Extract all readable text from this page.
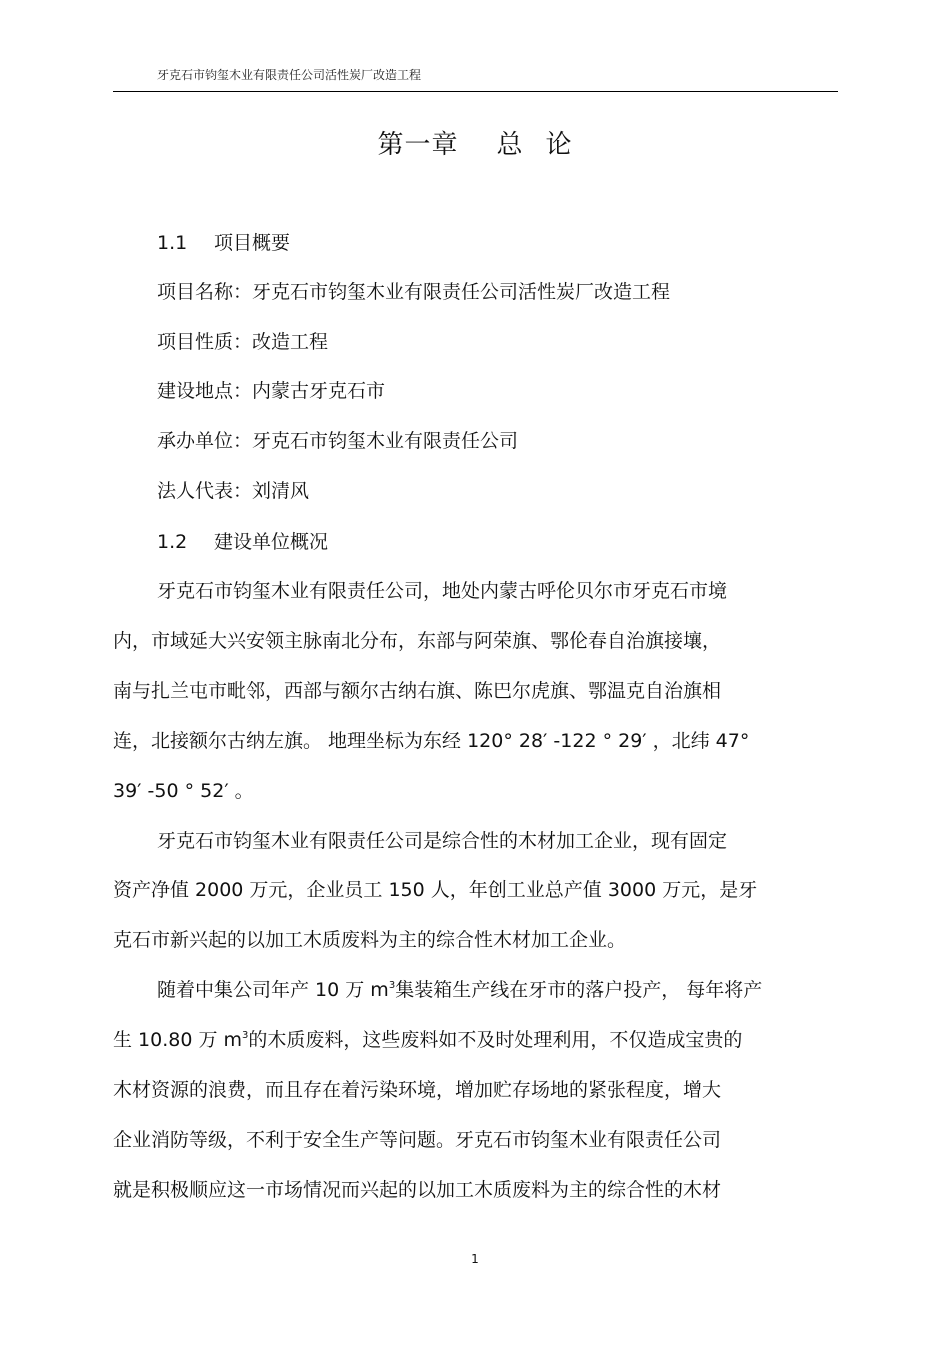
牙克石市钧玺木业有限责任公司活性炭厂改造工程
第一章 总 论
1.1 项目概要
项目名称：牙克石市钧玺木业有限责任公司活性炭厂改造工程
项目性质：改造工程
建设地点：内蒙古牙克石市
承办单位：牙克石市钧玺木业有限责任公司
法人代表：刘清风
1.2 建设单位概况
牙克石市钧玺木业有限责任公司，地处内蒙古呼伦贝尔市牙克石市境
内，市域延大兴安领主脉南北分布，东部与阿荣旗、鄂伦春自治旗接壤，
南与扎兰屯市毗邻，西部与额尔古纳右旗、陈巴尔虎旗、鄂温克自治旗相
连，北接额尔古纳左旗。 地理坐标为东经 120° 28′ -122 ° 29′ ，北纬 47°
39′ -50 ° 52′ 。
牙克石市钧玺木业有限责任公司是综合性的木材加工企业，现有固定
资产净值 2000 万元，企业员工 150 人，年创工业总产值 3000 万元，是牙
克石市新兴起的以加工木质废料为主的综合性木材加工企业。
随着中集公司年产 10 万 $m^3$集装箱生产线在牙市的落户投产， 每年将产
生 10.80 万 $m^3$的木质废料，这些废料如不及时处理利用，不仅造成宝贵的
木材资源的浪费，而且存在着污染环境，增加贮存场地的紧张程度，增大
企业消防等级，不利于安全生产等问题。牙克石市钧玺木业有限责任公司
就是积极顺应这一市场情况而兴起的以加工木质废料为主的综合性的木材
1
